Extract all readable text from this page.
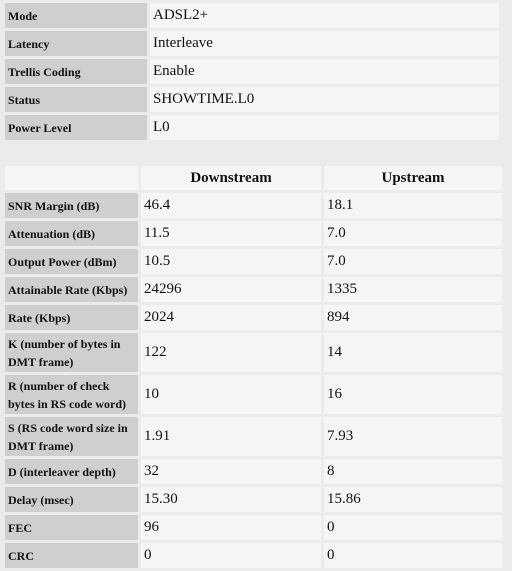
Mode	ADSL2+
Latency	Interleave
Trellis Coding	Enable
Status	SHOWTIME.L0
Power Level	L0
	Downstream	Upstream
SNR Margin (dB)	46.4	18.1
Attenuation (dB)	11.5	7.0
Output Power (dBm)	10.5	7.0
Attainable Rate (Kbps)	24296	1335
Rate (Kbps)	2024	894
K (number of bytes in DMT frame)	122	14
R (number of check bytes in RS code word)	10	16
S (RS code word size in DMT frame)	1.91	7.93
D (interleaver depth)	32	8
Delay (msec)	15.30	15.86
FEC	96	0
CRC	0	0
